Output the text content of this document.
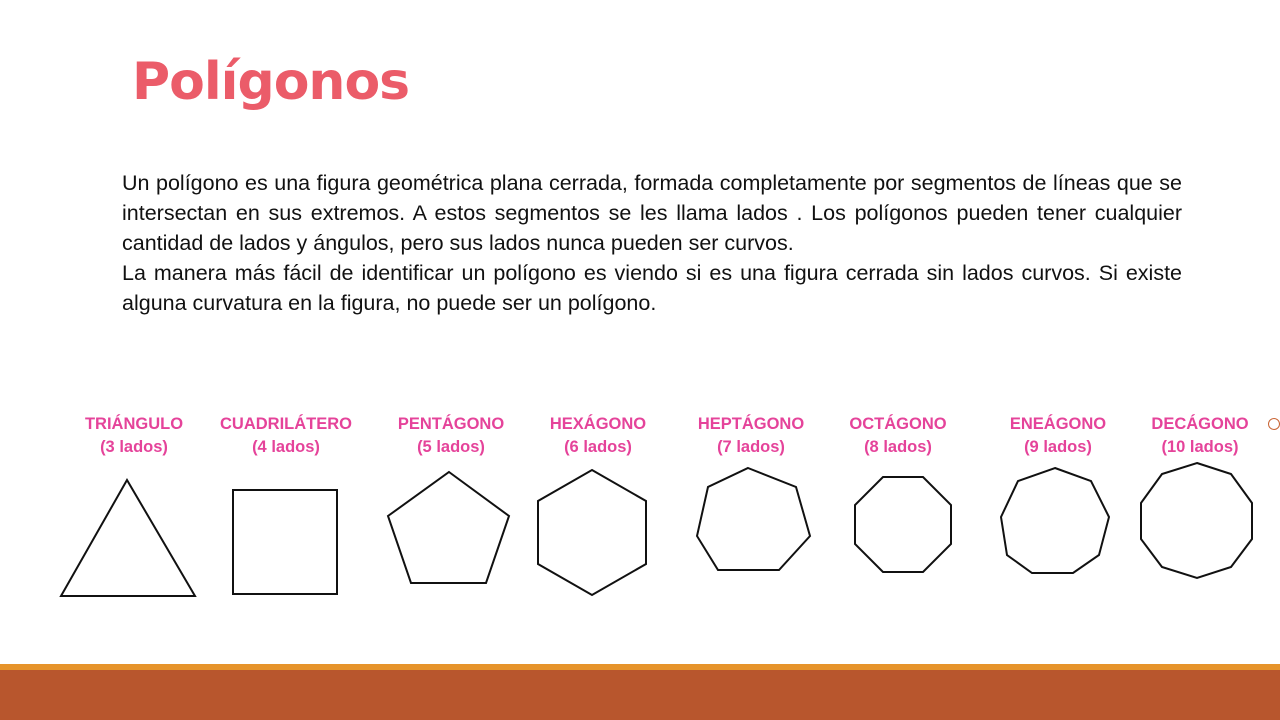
Polígonos

Un polígono es una figura geométrica plana cerrada, formada completamente por segmentos de líneas que se intersectan en sus extremos. A estos segmentos se les llama lados . Los polígonos pueden tener cualquier cantidad de lados y ángulos, pero sus lados nunca pueden ser curvos.

La manera más fácil de identificar un polígono es viendo si es una figura cerrada sin lados curvos. Si existe alguna curvatura en la figura, no puede ser un polígono.

TRIÁNGULO
(3 lados)
CUADRILÁTERO
(4 lados)
PENTÁGONO
(5 lados)
HEXÁGONO
(6 lados)
HEPTÁGONO
(7 lados)
OCTÁGONO
(8 lados)
ENEÁGONO
(9 lados)
DECÁGONO
(10 lados)
